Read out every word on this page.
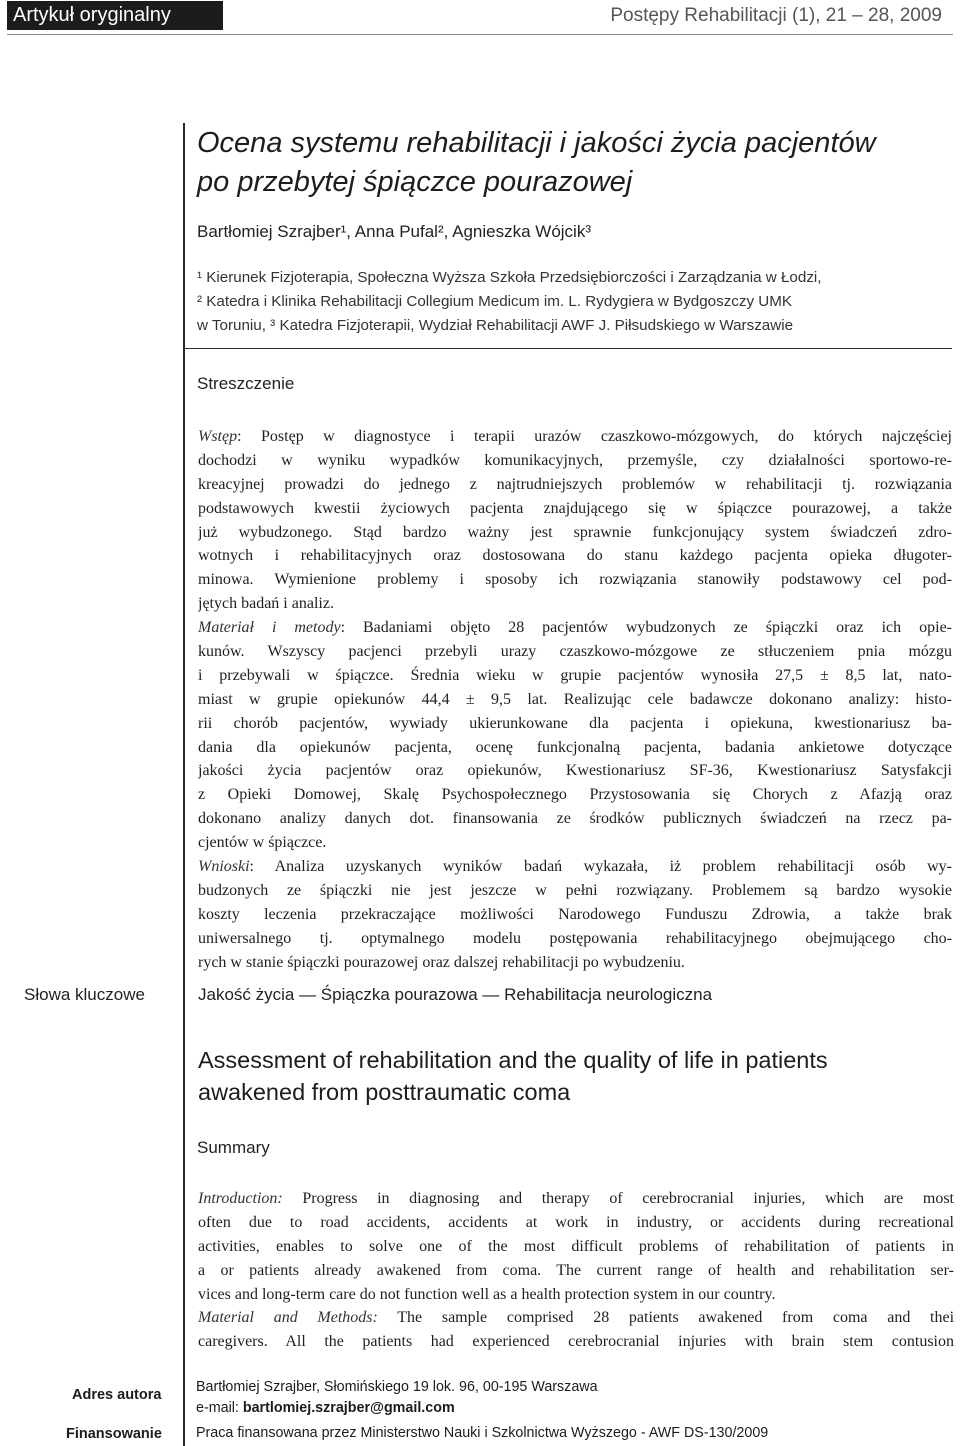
Artykuł oryginalny	Postępy Rehabilitacji (1), 21 – 28, 2009
Ocena systemu rehabilitacji i jakości życia pacjentów
po przebytej śpiączce pourazowej
Bartłomiej Szrajber¹, Anna Pufal², Agnieszka Wójcik³
¹ Kierunek Fizjoterapia, Społeczna Wyższa Szkoła Przedsiębiorczości i Zarządzania w Łodzi,
² Katedra i Klinika Rehabilitacji Collegium Medicum im. L. Rydygiera w Bydgoszczy UMK
w Toruniu, ³ Katedra Fizjoterapii, Wydział Rehabilitacji AWF J. Piłsudskiego w Warszawie
Streszczenie
Wstęp: Postęp w diagnostyce i terapii urazów czaszkowo-mózgowych, do których najczęściej
dochodzi w wyniku wypadków komunikacyjnych, przemyśle, czy działalności sportowo-re-
kreacyjnej prowadzi do jednego z najtrudniejszych problemów w rehabilitacji tj. rozwiązania
podstawowych kwestii życiowych pacjenta znajdującego się w śpiączce pourazowej, a także
już wybudzonego. Stąd bardzo ważny jest sprawnie funkcjonujący system świadczeń zdro-
wotnych i rehabilitacyjnych oraz dostosowana do stanu każdego pacjenta opieka długoter-
minowa. Wymienione problemy i sposoby ich rozwiązania stanowiły podstawowy cel pod-
jętych badań i analiz.
Materiał i metody: Badaniami objęto 28 pacjentów wybudzonych ze śpiączki oraz ich opie-
kunów. Wszyscy pacjenci przebyli urazy czaszkowo-mózgowe ze stłuczeniem pnia mózgu
i przebywali w śpiączce. Średnia wieku w grupie pacjentów wynosiła 27,5 ± 8,5 lat, nato-
miast w grupie opiekunów 44,4 ± 9,5 lat. Realizując cele badawcze dokonano analizy: histo-
rii chorób pacjentów, wywiady ukierunkowane dla pacjenta i opiekuna, kwestionariusz ba-
dania dla opiekunów pacjenta, ocenę funkcjonalną pacjenta, badania ankietowe dotyczące
jakości życia pacjentów oraz opiekunów, Kwestionariusz SF-36, Kwestionariusz Satysfakcji
z Opieki Domowej, Skalę Psychospołecznego Przystosowania się Chorych z Afazją oraz
dokonano analizy danych dot. finansowania ze środków publicznych świadczeń na rzecz pa-
cjentów w śpiączce.
Wnioski: Analiza uzyskanych wyników badań wykazała, iż problem rehabilitacji osób wy-
budzonych ze śpiączki nie jest jeszcze w pełni rozwiązany. Problemem są bardzo wysokie
koszty leczenia przekraczające możliwości Narodowego Funduszu Zdrowia, a także brak
uniwersalnego tj. optymalnego modelu postępowania rehabilitacyjnego obejmującego cho-
rych w stanie śpiączki pourazowej oraz dalszej rehabilitacji po wybudzeniu.
Słowa kluczowe	Jakość życia — Śpiączka pourazowa — Rehabilitacja neurologiczna
Assessment of rehabilitation and the quality of life in patients
awakened from posttraumatic coma
Summary
Introduction: Progress in diagnosing and therapy of cerebrocranial injuries, which are most
often due to road accidents, accidents at work in industry, or accidents during recreational
activities, enables to solve one of the most difficult problems of rehabilitation of patients in
a or patients already awakened from coma. The current range of health and rehabilitation ser-
vices and long-term care do not function well as a health protection system in our country.
Material and Methods: The sample comprised 28 patients awakened from coma and thei
caregivers. All the patients had experienced cerebrocranial injuries with brain stem contusion
Adres autora Bartłomiej Szrajber, Słomińskiego 19 lok. 96, 00-195 Warszawa
e-mail: bartlomiej.szrajber@gmail.com
Finansowanie Praca finansowana przez Ministerstwo Nauki i Szkolnictwa Wyższego - AWF DS-130/2009
